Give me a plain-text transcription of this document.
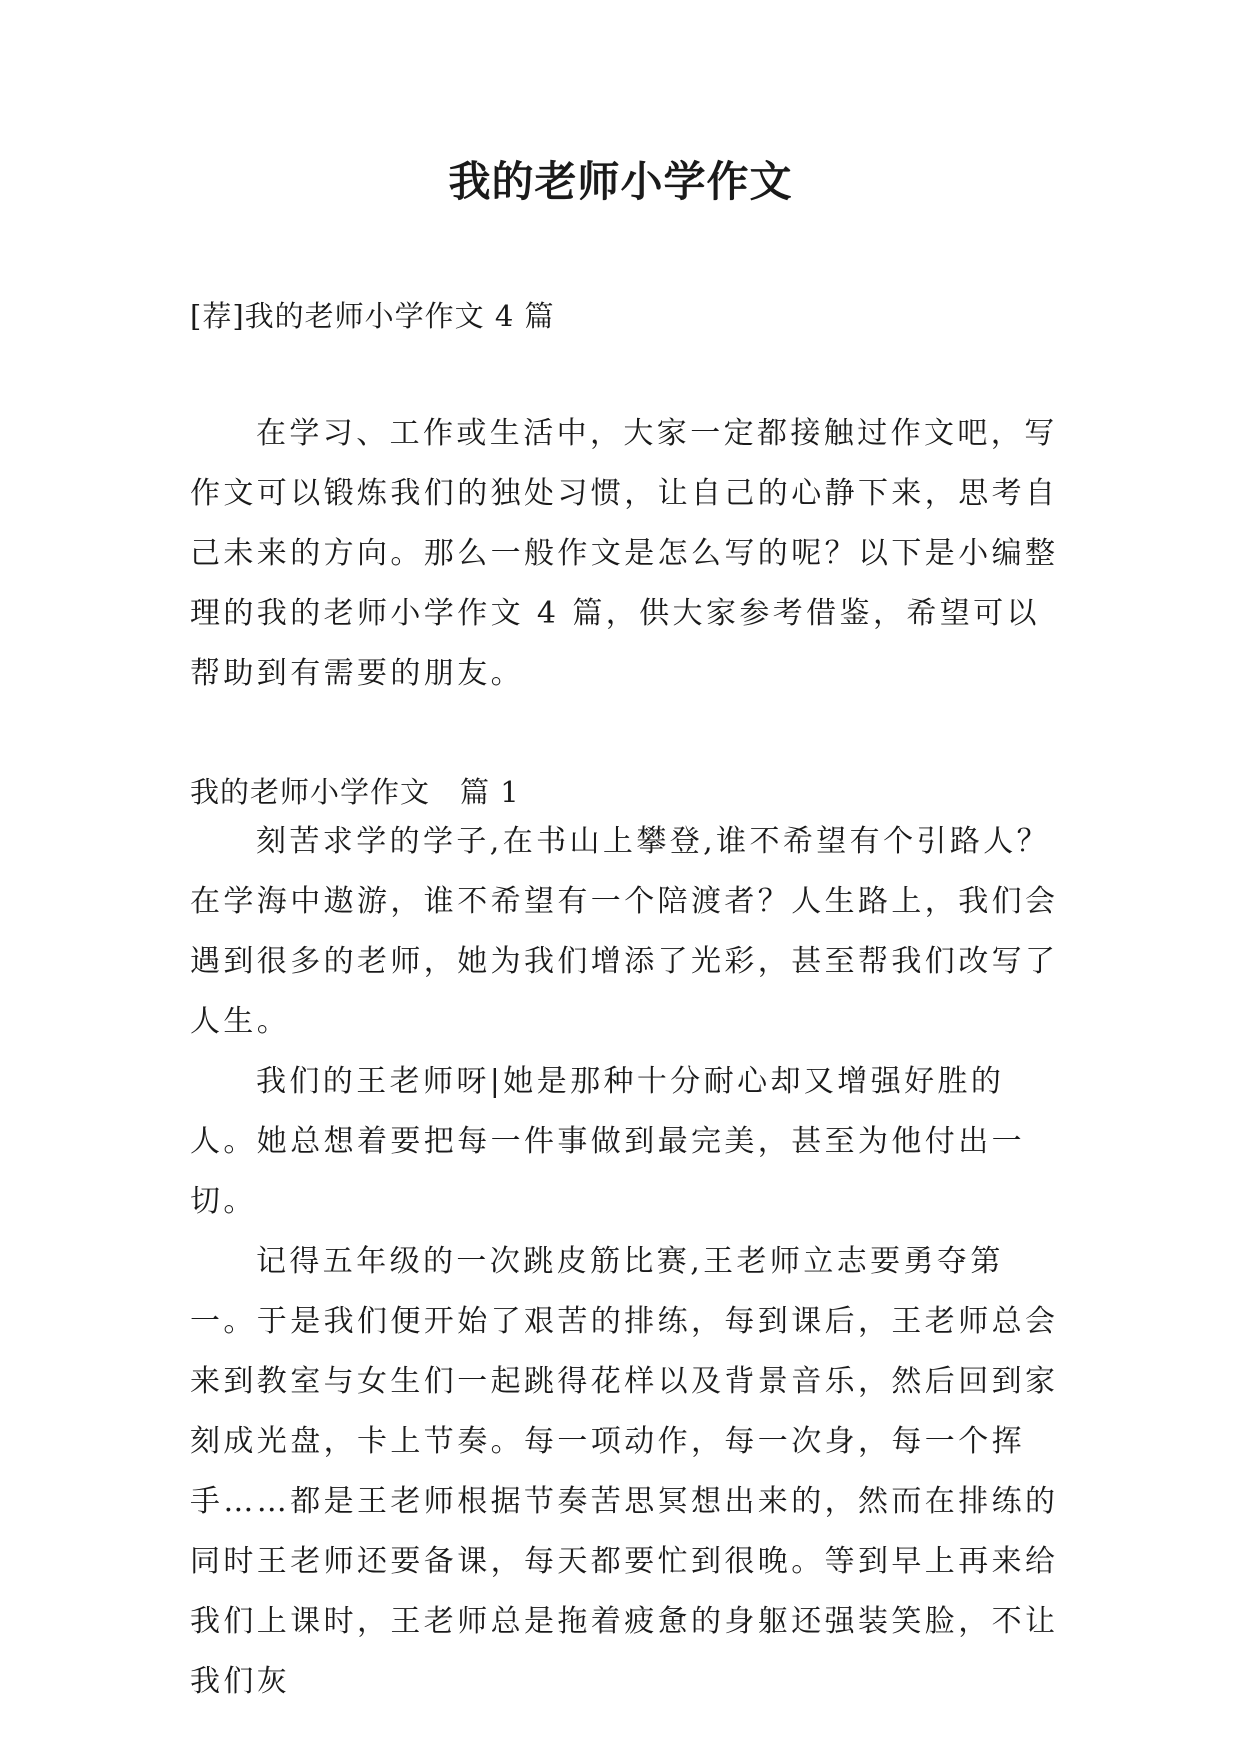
我的老师小学作文

[荐]我的老师小学作文 4 篇

在学习、工作或生活中，大家一定都接触过作文吧，写作文可以锻炼我们的独处习惯，让自己的心静下来，思考自己未来的方向。那么一般作文是怎么写的呢？以下是小编整理的我的老师小学作文 4 篇，供大家参考借鉴，希望可以帮助到有需要的朋友。

我的老师小学作文　篇 1

刻苦求学的学子,在书山上攀登,谁不希望有个引路人？在学海中遨游，谁不希望有一个陪渡者？人生路上，我们会遇到很多的老师，她为我们增添了光彩，甚至帮我们改写了人生。

我们的王老师呀|她是那种十分耐心却又增强好胜的人。她总想着要把每一件事做到最完美，甚至为他付出一切。

记得五年级的一次跳皮筋比赛,王老师立志要勇夺第一。于是我们便开始了艰苦的排练，每到课后，王老师总会来到教室与女生们一起跳得花样以及背景音乐，然后回到家刻成光盘，卡上节奏。每一项动作，每一次身，每一个挥手……都是王老师根据节奏苦思冥想出来的，然而在排练的同时王老师还要备课，每天都要忙到很晚。等到早上再来给我们上课时，王老师总是拖着疲惫的身躯还强装笑脸，不让我们灰
